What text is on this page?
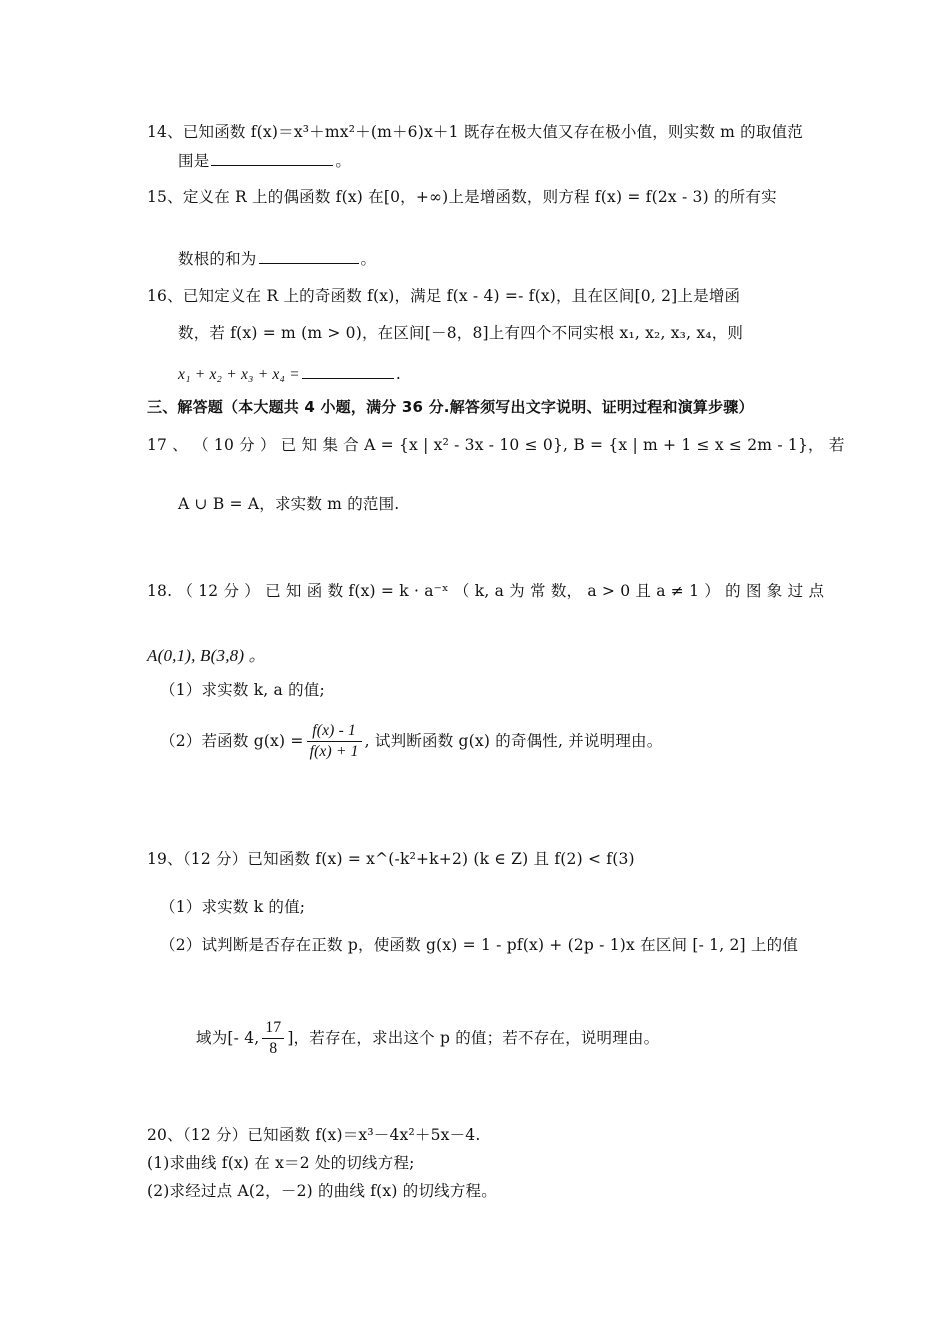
14、已知函数 f(x)＝x³＋mx²＋(m＋6)x＋1 既存在极大值又存在极小值，则实数 m 的取值范
围是	。
15、定义在 R 上的偶函数 f(x) 在[0，+∞)上是增函数，则方程 f(x) = f(2x - 3) 的所有实
数根的和为	。
16、已知定义在 R 上的奇函数 f(x)，满足 f(x - 4) =- f(x)，且在区间[0, 2]上是增函
数，若 f(x) = m (m > 0)，在区间[－8，8]上有四个不同实根 x₁, x₂, x₃, x₄，则
x₁ + x₂ + x₃ + x₄ =	.
三、解答题（本大题共 4 小题，满分 36 分.解答须写出文字说明、证明过程和演算步骤）
17 、 （ 10 分 ） 已 知 集 合 A = {x | x² - 3x - 10 ≤ 0}, B = {x | m + 1 ≤ x ≤ 2m - 1}， 若
A ∪ B = A，求实数 m 的范围.
18. （ 12 分 ） 已 知 函 数 f(x) = k · a⁻ˣ （ k, a 为 常 数， a > 0 且 a ≠ 1 ） 的 图 象 过 点
A(0,1), B(3,8) 。
（1）求实数 k, a 的值;
（2）若函数 $g(x) = \frac{f(x) - 1}{f(x) + 1}$ , 试判断函数 g(x) 的奇偶性, 并说明理由。
19、（12 分）已知函数 f(x) = x^(-k²+k+2) (k ∈ Z) 且 f(2) < f(3)
（1）求实数 k 的值;
（2）试判断是否存在正数 p，使函数 g(x) = 1 - pf(x) + (2p - 1)x 在区间 [- 1, 2] 上的值
域为[- 4, $\frac{17}{8}$ ]，若存在，求出这个 p 的值；若不存在，说明理由。
20、（12 分）已知函数 f(x)＝x³－4x²＋5x－4.
(1)求曲线 f(x) 在 x＝2 处的切线方程;
(2)求经过点 A(2，－2) 的曲线 f(x) 的切线方程。
